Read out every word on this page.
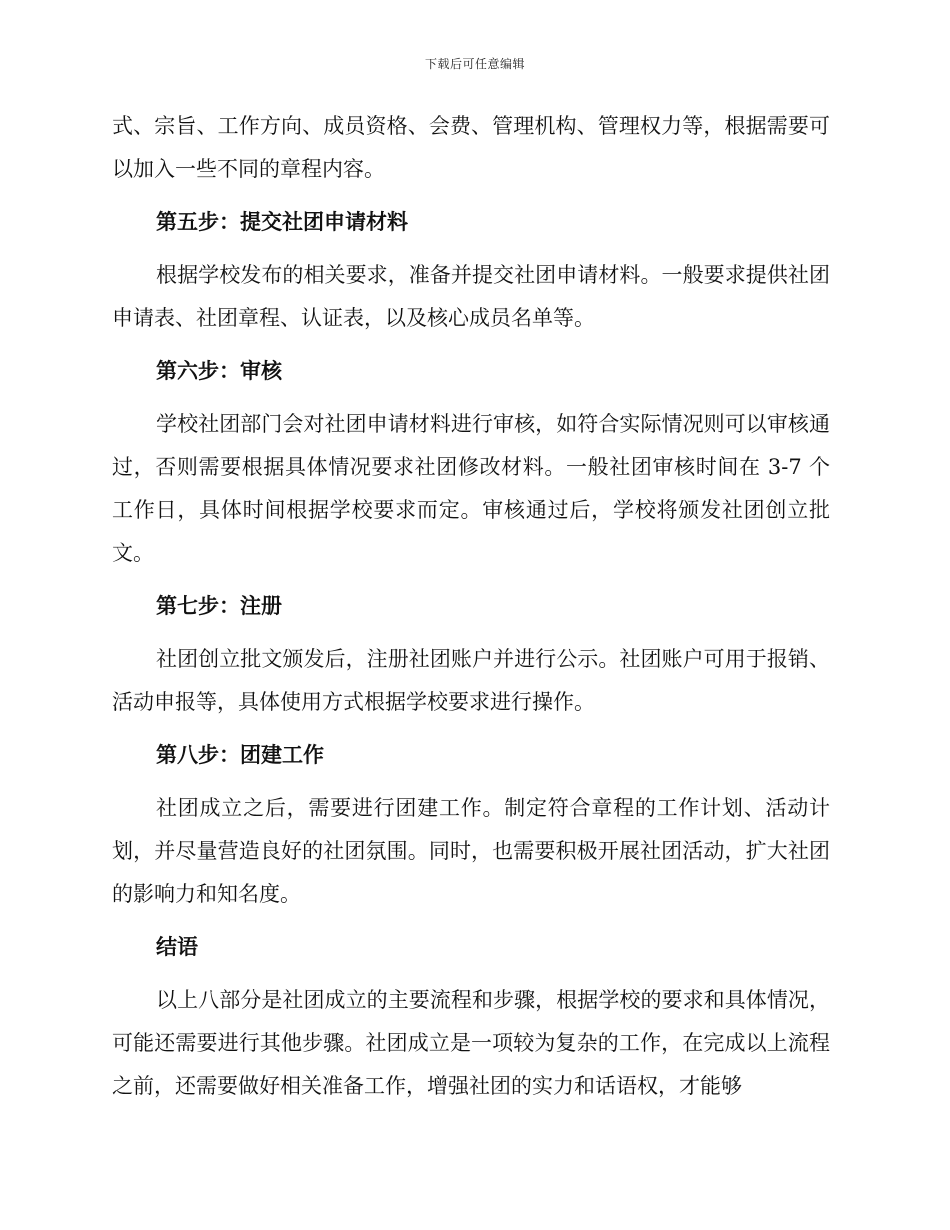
下载后可任意编辑

式、宗旨、工作方向、成员资格、会费、管理机构、管理权力等，根据需要可以加入一些不同的章程内容。

第五步：提交社团申请材料

根据学校发布的相关要求，准备并提交社团申请材料。一般要求提供社团申请表、社团章程、认证表，以及核心成员名单等。

第六步：审核

学校社团部门会对社团申请材料进行审核，如符合实际情况则可以审核通过，否则需要根据具体情况要求社团修改材料。一般社团审核时间在 3-7 个工作日，具体时间根据学校要求而定。审核通过后，学校将颁发社团创立批文。

第七步：注册

社团创立批文颁发后，注册社团账户并进行公示。社团账户可用于报销、活动申报等，具体使用方式根据学校要求进行操作。

第八步：团建工作

社团成立之后，需要进行团建工作。制定符合章程的工作计划、活动计划，并尽量营造良好的社团氛围。同时，也需要积极开展社团活动，扩大社团的影响力和知名度。

结语

以上八部分是社团成立的主要流程和步骤，根据学校的要求和具体情况，可能还需要进行其他步骤。社团成立是一项较为复杂的工作，在完成以上流程之前，还需要做好相关准备工作，增强社团的实力和话语权，才能够
